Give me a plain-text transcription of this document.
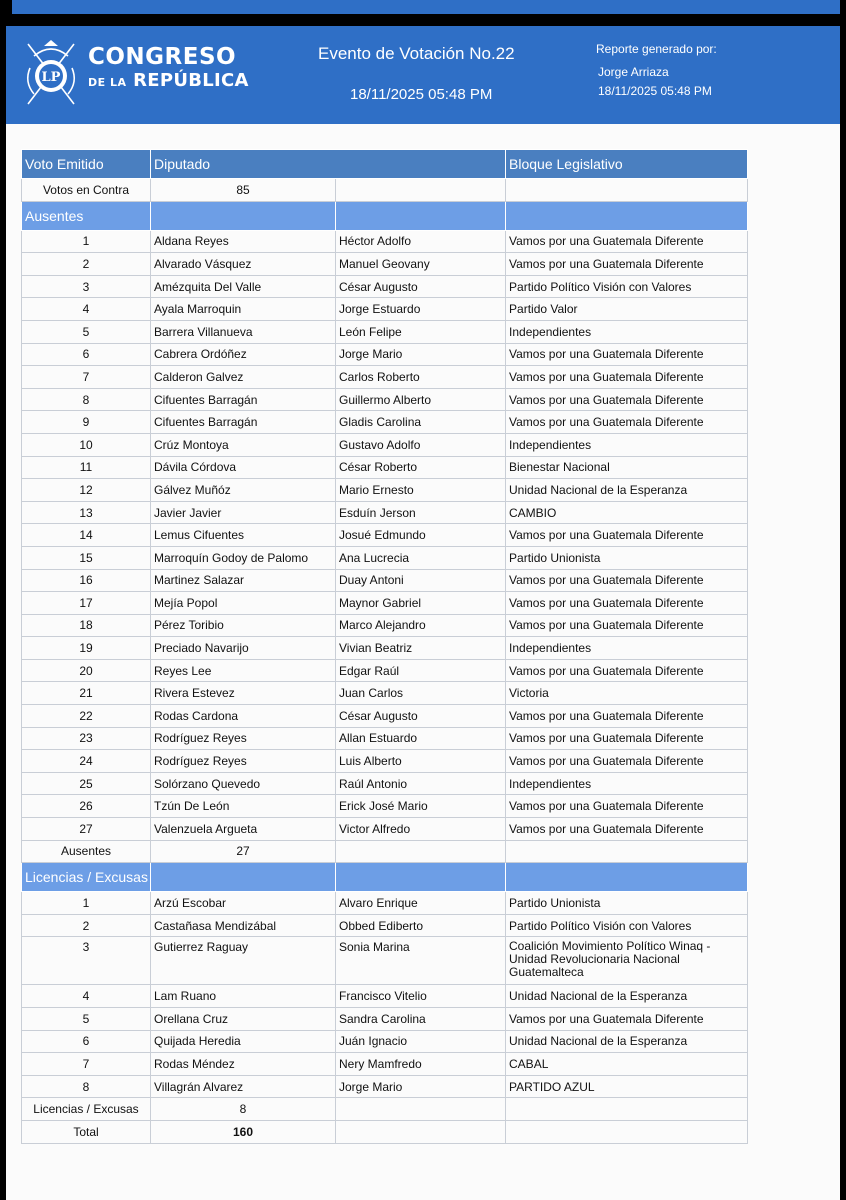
LP
CONGRESO
DE LA REPÚBLICA
Evento de Votación No.22
18/11/2025 05:48 PM
Reporte generado por:
Jorge Arriaza
18/11/2025 05:48 PM
Voto Emitido	Diputado		Bloque Legislativo
Votos en Contra	85		
Ausentes			
1	Aldana Reyes	Héctor Adolfo	Vamos por una Guatemala Diferente
2	Alvarado Vásquez	Manuel Geovany	Vamos por una Guatemala Diferente
3	Amézquita Del Valle	César Augusto	Partido Político Visión con Valores
4	Ayala Marroquin	Jorge Estuardo	Partido Valor
5	Barrera Villanueva	León Felipe	Independientes
6	Cabrera Ordóñez	Jorge Mario	Vamos por una Guatemala Diferente
7	Calderon Galvez	Carlos Roberto	Vamos por una Guatemala Diferente
8	Cifuentes Barragán	Guillermo Alberto	Vamos por una Guatemala Diferente
9	Cifuentes Barragán	Gladis Carolina	Vamos por una Guatemala Diferente
10	Crúz Montoya	Gustavo Adolfo	Independientes
11	Dávila Córdova	César Roberto	Bienestar Nacional
12	Gálvez Muñóz	Mario Ernesto	Unidad Nacional de la Esperanza
13	Javier Javier	Esduín Jerson	CAMBIO
14	Lemus Cifuentes	Josué Edmundo	Vamos por una Guatemala Diferente
15	Marroquín Godoy de Palomo	Ana Lucrecia	Partido Unionista
16	Martinez Salazar	Duay Antoni	Vamos por una Guatemala Diferente
17	Mejía Popol	Maynor Gabriel	Vamos por una Guatemala Diferente
18	Pérez Toribio	Marco Alejandro	Vamos por una Guatemala Diferente
19	Preciado Navarijo	Vivian Beatriz	Independientes
20	Reyes Lee	Edgar Raúl	Vamos por una Guatemala Diferente
21	Rivera Estevez	Juan Carlos	Victoria
22	Rodas Cardona	César Augusto	Vamos por una Guatemala Diferente
23	Rodríguez Reyes	Allan Estuardo	Vamos por una Guatemala Diferente
24	Rodríguez Reyes	Luis Alberto	Vamos por una Guatemala Diferente
25	Solórzano Quevedo	Raúl Antonio	Independientes
26	Tzún De León	Erick José Mario	Vamos por una Guatemala Diferente
27	Valenzuela Argueta	Victor Alfredo	Vamos por una Guatemala Diferente
Ausentes	27		
Licencias / Excusas			
1	Arzú Escobar	Alvaro Enrique	Partido Unionista
2	Castañasa Mendizábal	Obbed Ediberto	Partido Político Visión con Valores
3	Gutierrez Raguay	Sonia Marina	Coalición Movimiento Político Winaq - Unidad Revolucionaria Nacional Guatemalteca
4	Lam Ruano	Francisco Vitelio	Unidad Nacional de la Esperanza
5	Orellana Cruz	Sandra Carolina	Vamos por una Guatemala Diferente
6	Quijada Heredia	Juán Ignacio	Unidad Nacional de la Esperanza
7	Rodas Méndez	Nery Mamfredo	CABAL
8	Villagrán Alvarez	Jorge Mario	PARTIDO AZUL
Licencias / Excusas	8		
Total	160		
